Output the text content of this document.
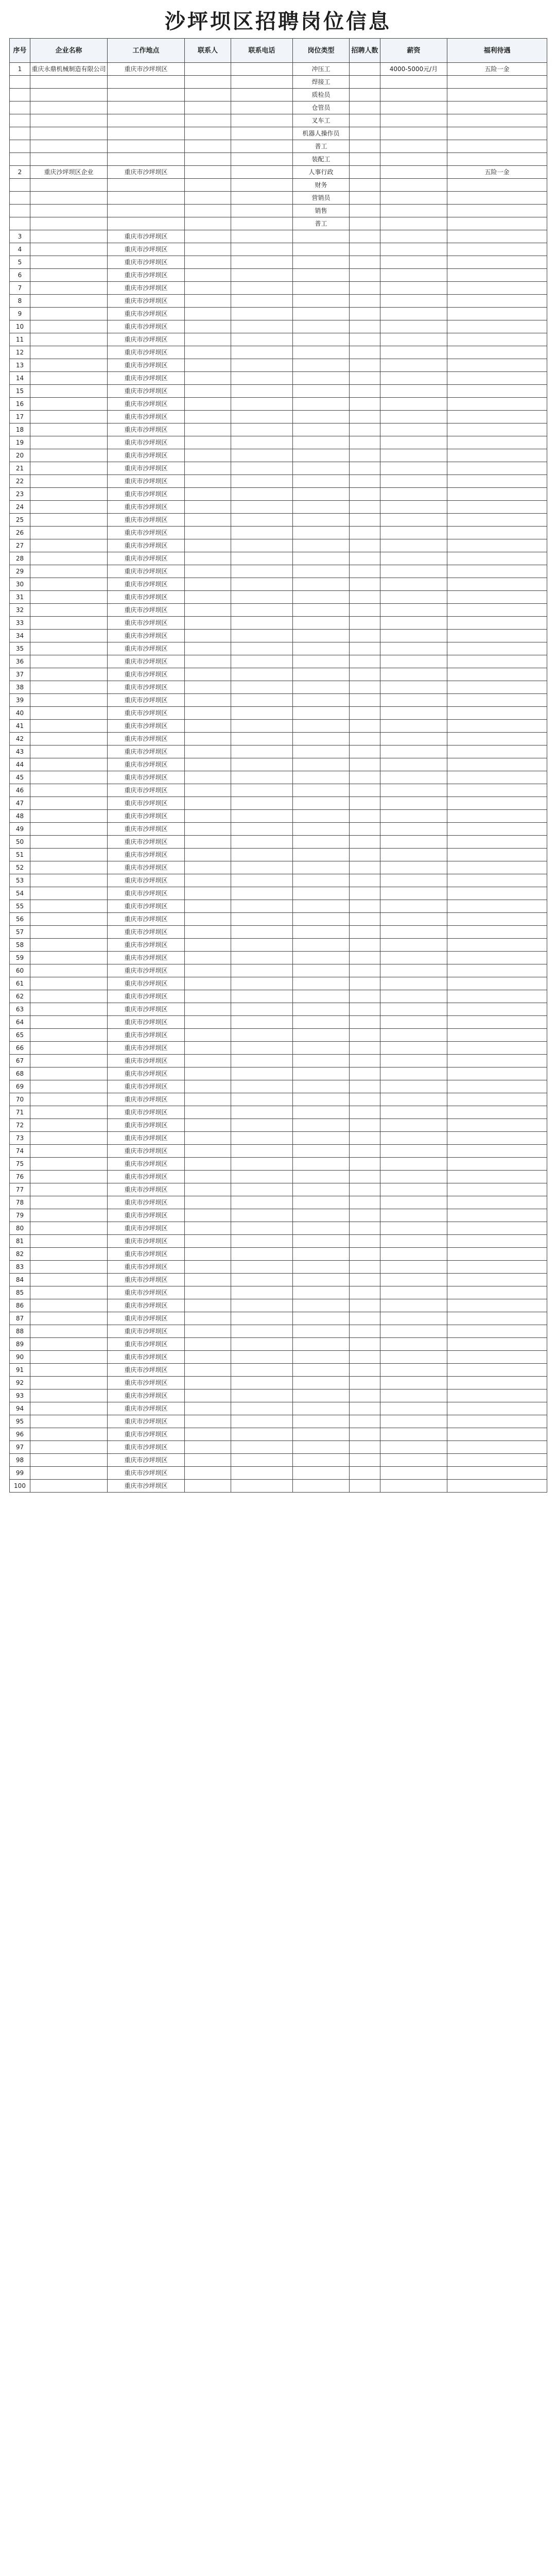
沙坪坝区招聘岗位信息
序号	企业名称	工作地点	联系人	联系电话	岗位类型	招聘人数	薪资	福利待遇
1	重庆永鼎机械制造有限公司	重庆市沙坪坝区			冲压工		4000-5000元/月	五险一金
					焊接工			
					质检员			
					仓管员			
					叉车工			
					机器人操作员			
					普工			
					装配工			
2	重庆沙坪坝区企业	重庆市沙坪坝区			人事行政			五险一金
					财务			
					营销员			
					销售			
					普工			
3		重庆市沙坪坝区						
4		重庆市沙坪坝区						
5		重庆市沙坪坝区						
6		重庆市沙坪坝区						
7		重庆市沙坪坝区						
8		重庆市沙坪坝区						
9		重庆市沙坪坝区						
10		重庆市沙坪坝区						
11		重庆市沙坪坝区						
12		重庆市沙坪坝区						
13		重庆市沙坪坝区						
14		重庆市沙坪坝区						
15		重庆市沙坪坝区						
16		重庆市沙坪坝区						
17		重庆市沙坪坝区						
18		重庆市沙坪坝区						
19		重庆市沙坪坝区						
20		重庆市沙坪坝区						
21		重庆市沙坪坝区						
22		重庆市沙坪坝区						
23		重庆市沙坪坝区						
24		重庆市沙坪坝区						
25		重庆市沙坪坝区						
26		重庆市沙坪坝区						
27		重庆市沙坪坝区						
28		重庆市沙坪坝区						
29		重庆市沙坪坝区						
30		重庆市沙坪坝区						
31		重庆市沙坪坝区						
32		重庆市沙坪坝区						
33		重庆市沙坪坝区						
34		重庆市沙坪坝区						
35		重庆市沙坪坝区						
36		重庆市沙坪坝区						
37		重庆市沙坪坝区						
38		重庆市沙坪坝区						
39		重庆市沙坪坝区						
40		重庆市沙坪坝区						
41		重庆市沙坪坝区						
42		重庆市沙坪坝区						
43		重庆市沙坪坝区						
44		重庆市沙坪坝区						
45		重庆市沙坪坝区						
46		重庆市沙坪坝区						
47		重庆市沙坪坝区						
48		重庆市沙坪坝区						
49		重庆市沙坪坝区						
50		重庆市沙坪坝区						
51		重庆市沙坪坝区						
52		重庆市沙坪坝区						
53		重庆市沙坪坝区						
54		重庆市沙坪坝区						
55		重庆市沙坪坝区						
56		重庆市沙坪坝区						
57		重庆市沙坪坝区						
58		重庆市沙坪坝区						
59		重庆市沙坪坝区						
60		重庆市沙坪坝区						
61		重庆市沙坪坝区						
62		重庆市沙坪坝区						
63		重庆市沙坪坝区						
64		重庆市沙坪坝区						
65		重庆市沙坪坝区						
66		重庆市沙坪坝区						
67		重庆市沙坪坝区						
68		重庆市沙坪坝区						
69		重庆市沙坪坝区						
70		重庆市沙坪坝区						
71		重庆市沙坪坝区						
72		重庆市沙坪坝区						
73		重庆市沙坪坝区						
74		重庆市沙坪坝区						
75		重庆市沙坪坝区						
76		重庆市沙坪坝区						
77		重庆市沙坪坝区						
78		重庆市沙坪坝区						
79		重庆市沙坪坝区						
80		重庆市沙坪坝区						
81		重庆市沙坪坝区						
82		重庆市沙坪坝区						
83		重庆市沙坪坝区						
84		重庆市沙坪坝区						
85		重庆市沙坪坝区						
86		重庆市沙坪坝区						
87		重庆市沙坪坝区						
88		重庆市沙坪坝区						
89		重庆市沙坪坝区						
90		重庆市沙坪坝区						
91		重庆市沙坪坝区						
92		重庆市沙坪坝区						
93		重庆市沙坪坝区						
94		重庆市沙坪坝区						
95		重庆市沙坪坝区						
96		重庆市沙坪坝区						
97		重庆市沙坪坝区						
98		重庆市沙坪坝区						
99		重庆市沙坪坝区						
100		重庆市沙坪坝区						
